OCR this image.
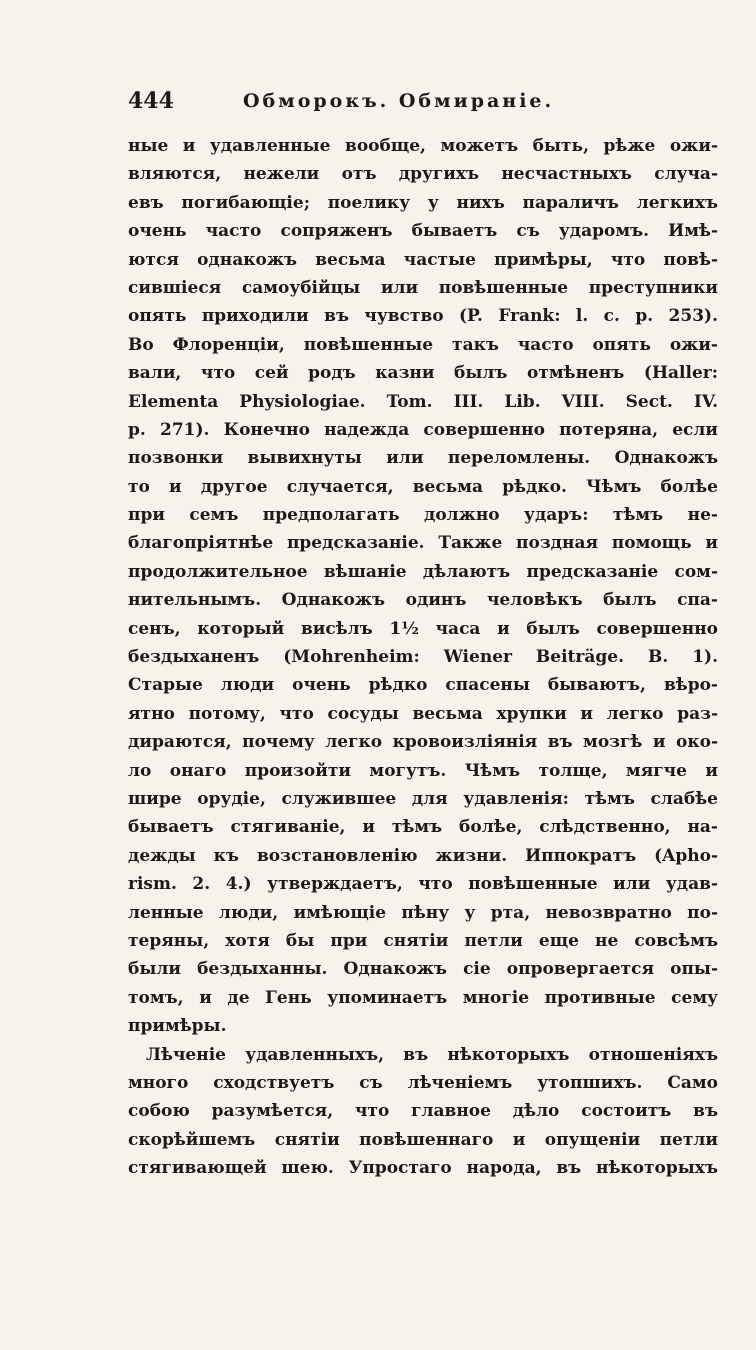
444	Обморокъ. Обмираніе.
ные и удавленные вообще, можетъ быть, рѣже ожи-
вляются, нежели отъ другихъ несчастныхъ случа-
евъ погибающіе; поелику у нихъ параличъ легкихъ
очень часто сопряженъ бываетъ съ ударомъ. Имѣ-
ются однакожъ весьма частые примѣры, что повѣ-
сившіеся самоубійцы или повѣшенные преступники
опять приходили въ чувство (P. Frank: l. c. p. 253).
Во Флоренціи, повѣшенные такъ часто опять ожи-
вали, что сей родъ казни былъ отмѣненъ (Haller:
Elementa Physiologiae. Tom. III. Lib. VIII. Sect. IV.
p. 271). Конечно надежда совершенно потеряна, если
позвонки вывихнуты или переломлены. Однакожъ
то и другое случается, весьма рѣдко. Чѣмъ болѣе
при семъ предполагать должно ударъ: тѣмъ не-
благопріятнѣе предсказаніе. Также поздная помощь и
продолжительное вѣшаніе дѣлаютъ предсказаніе сом-
нительнымъ. Однакожъ одинъ человѣкъ былъ спа-
сенъ, который висѣлъ 1½ часа и былъ совершенно
бездыханенъ (Mohrenheim: Wiener Beiträge. B. 1).
Старые люди очень рѣдко спасены бываютъ, вѣро-
ятно потому, что сосуды весьма хрупки и легко раз-
дираются, почему легко кровоизліянія въ мозгѣ и око-
ло онаго произойти могутъ. Чѣмъ толще, мягче и
шире орудіе, служившее для удавленія: тѣмъ слабѣе
бываетъ стягиваніе, и тѣмъ болѣе, слѣдственно, на-
дежды къ возстановленію жизни. Иппократъ (Apho-
rism. 2. 4.) утверждаетъ, что повѣшенные или удав-
ленные люди, имѣющіе пѣну у рта, невозвратно по-
теряны, хотя бы при снятіи петли еще не совсѣмъ
были бездыханны. Однакожъ сіе опровергается опы-
томъ, и де Гень упоминаетъ многіе противные сему
примѣры.
Лѣченіе удавленныхъ, въ нѣкоторыхъ отношеніяхъ
много сходствуетъ съ лѣченіемъ утопшихъ. Само
собою разумѣется, что главное дѣло состоитъ въ
скорѣйшемъ снятіи повѣшеннаго и опущеніи петли
стягивающей шею. Упростаго народа, въ нѣкоторыхъ
